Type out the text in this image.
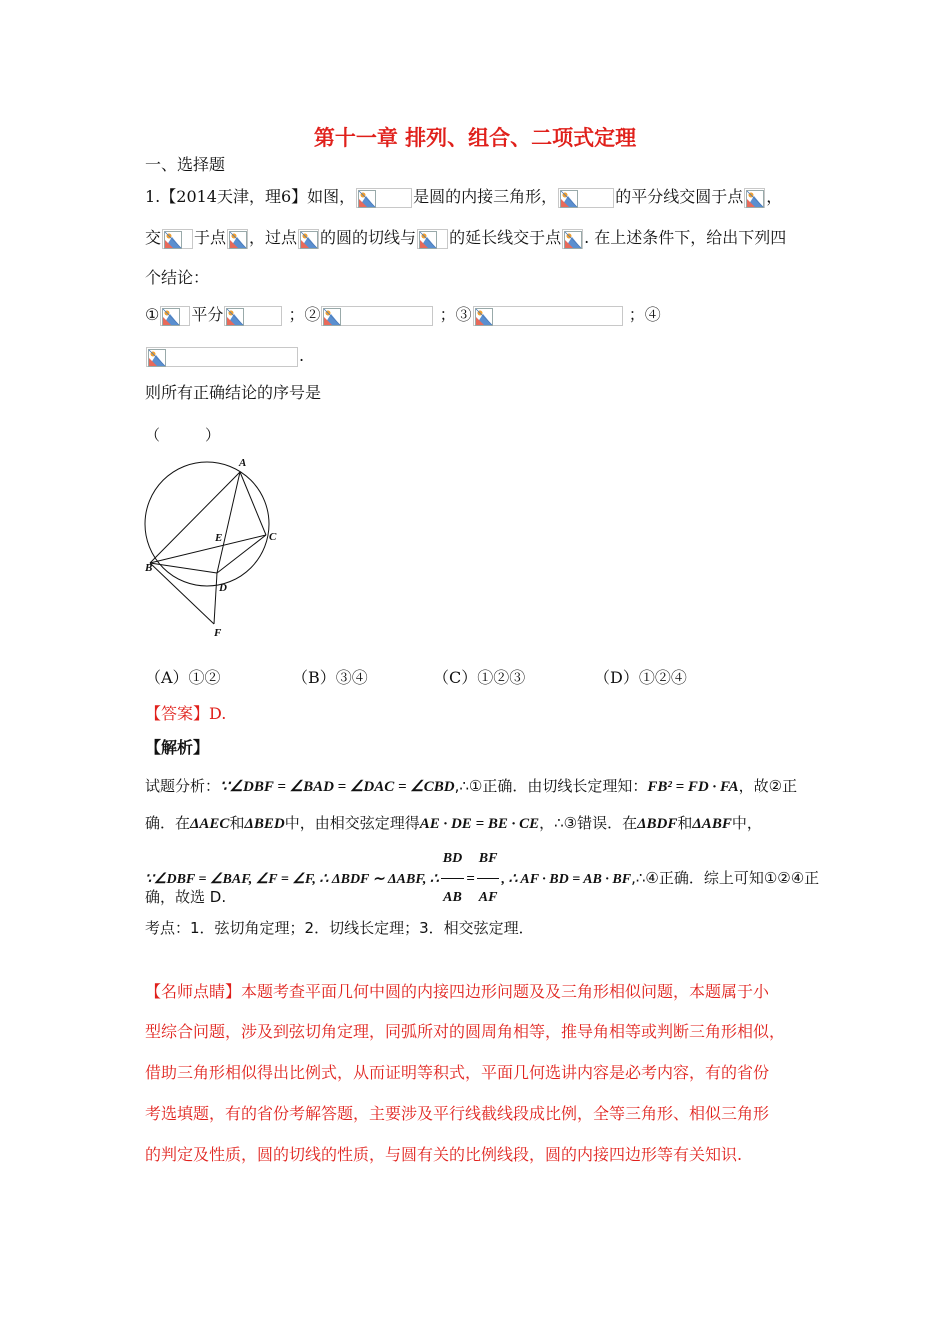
第十一章 排列、组合、二项式定理
一、选择题
1.【2014天津，理6】如图，	是圆的内接三角形，	的平分线交圆于点 ，
交 于点 ，过点 的圆的切线与 的延长线交于点 . 在上述条件下，给出下列四
个结论：
① 平分	；②	；③	；④
.
则所有正确结论的序号是
（　　　）
A
C
E
B
D
F
（A）①②	（B）③④	（C）①②③	（D）①②④
【答案】D.
【解析】
试题分析：∵∠DBF = ∠BAD = ∠DAC = ∠CBD,∴①正确．由切线长定理知：FB² = FD · FA，故②正
确．在ΔAEC和ΔBED中，由相交弦定理得AE · DE = BE · CE，∴③错误．在ΔBDF和ΔABF中，
∵∠DBF = ∠BAF, ∠F = ∠F, ∴ ΔBDF ∼ ΔABF, ∴ $\frac{BD}{AB} = \frac{BF}{AF}$ , ∴ AF · BD = AB · BF,∴④正确．综上可知①②④正
确，故选 D.
考点：1．弦切角定理；2．切线长定理；3．相交弦定理．
【名师点睛】本题考查平面几何中圆的内接四边形问题及及三角形相似问题，本题属于小
型综合问题，涉及到弦切角定理，同弧所对的圆周角相等，推导角相等或判断三角形相似，
借助三角形相似得出比例式，从而证明等积式，平面几何选讲内容是必考内容，有的省份
考选填题，有的省份考解答题，主要涉及平行线截线段成比例，全等三角形、相似三角形
的判定及性质，圆的切线的性质，与圆有关的比例线段，圆的内接四边形等有关知识.
